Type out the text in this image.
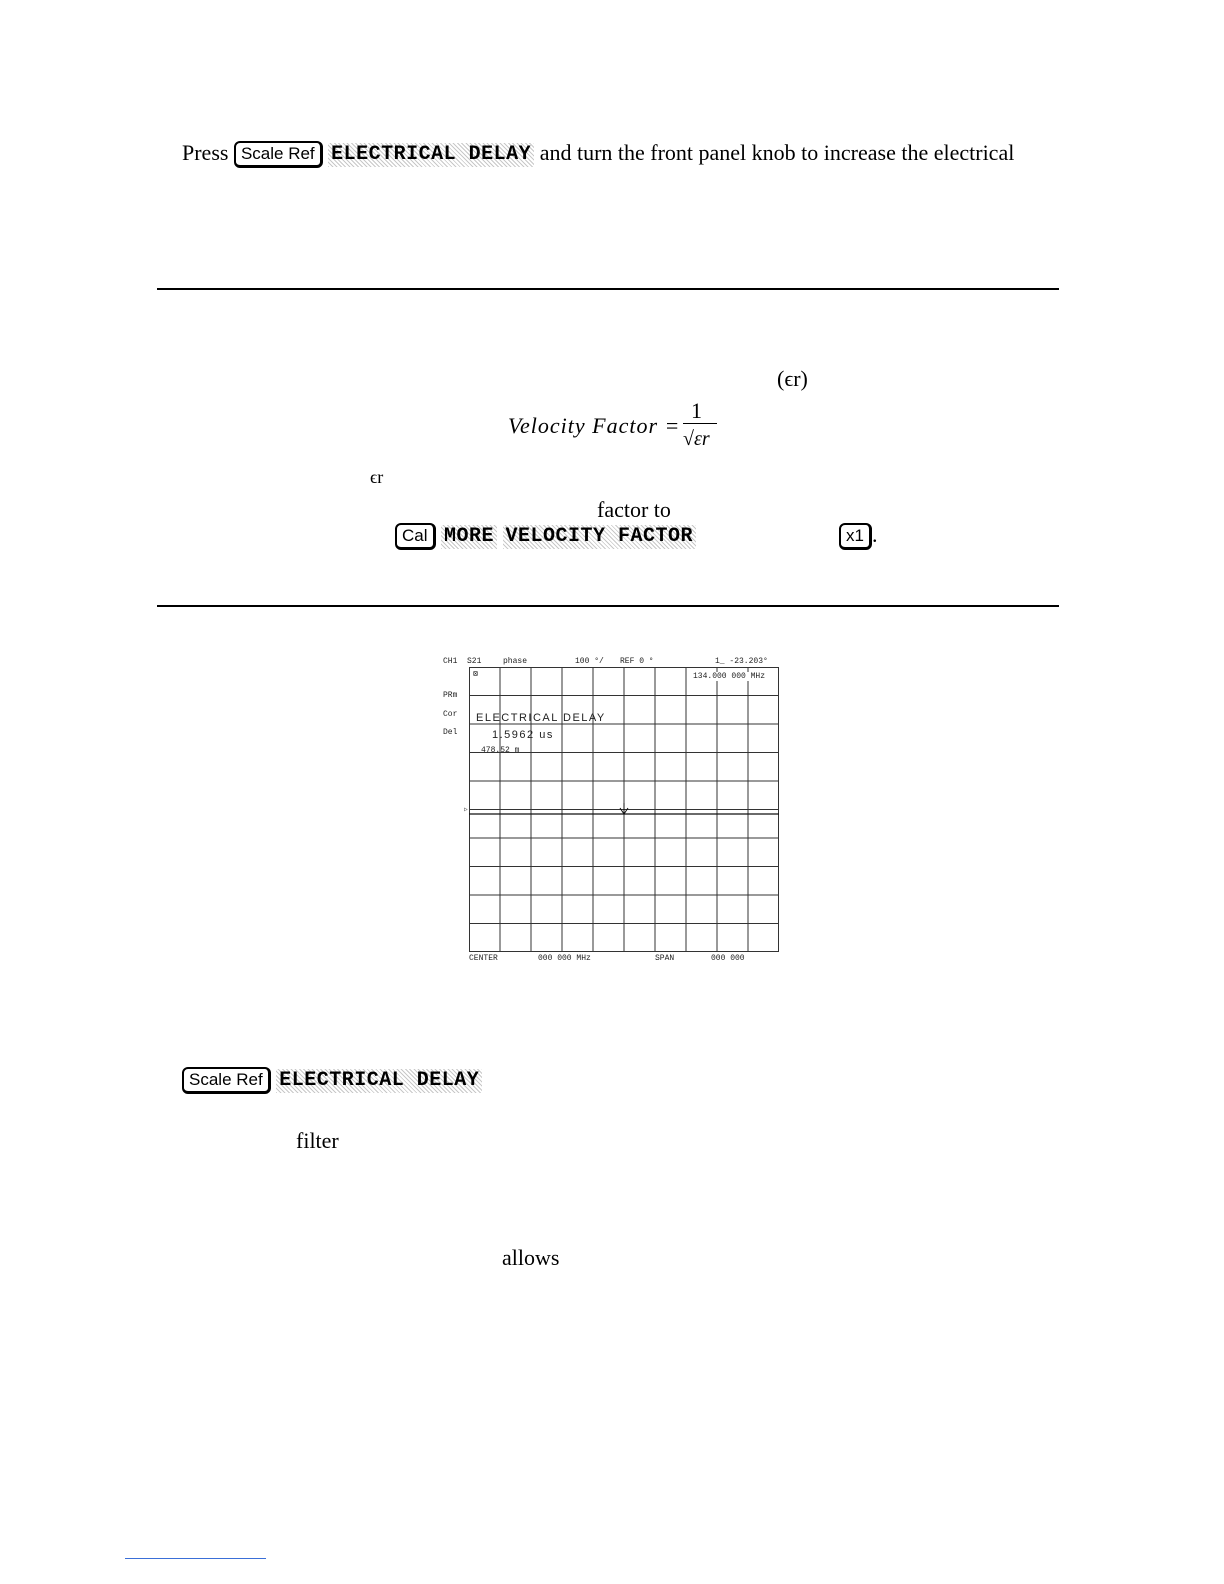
Press Scale Ref ELECTRICAL DELAY and turn the front panel knob to increase the electrical
(ϵr)
Velocity Factor =
1
√εr
ϵr
factor to
Cal MORE VELOCITY FACTOR	x1 .
CH1 S21	phase	100 °/ REF 0 °	1_ -23.203°
PRm
Cor
Del
▷
⊠	134.000 000 MHz
ELECTRICAL DELAY
1.5962 us
478.52 m
CENTER	000 000 MHz	SPAN	000 000
Scale Ref ELECTRICAL DELAY
filter
allows
